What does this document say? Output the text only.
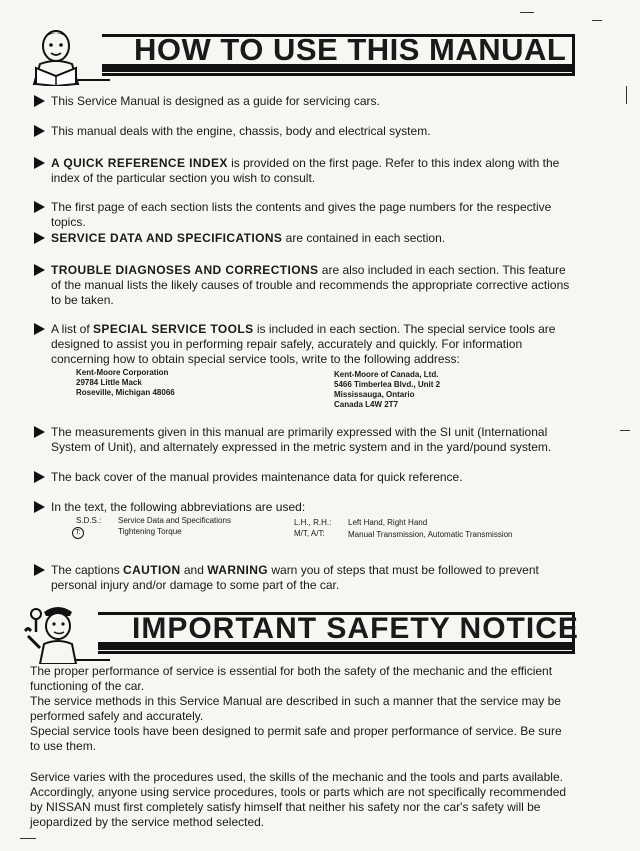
HOW TO USE THIS MANUAL
This Service Manual is designed as a guide for servicing cars.
This manual deals with the engine, chassis, body and electrical system.
A QUICK REFERENCE INDEX is provided on the first page. Refer to this index along with the index of the particular section you wish to consult.
The first page of each section lists the contents and gives the page numbers for the respective topics.
SERVICE DATA AND SPECIFICATIONS are contained in each section.
TROUBLE DIAGNOSES AND CORRECTIONS are also included in each section. This feature of the manual lists the likely causes of trouble and recommends the appropriate corrective actions to be taken.
A list of SPECIAL SERVICE TOOLS is included in each section. The special service tools are designed to assist you in performing repair safely, accurately and quickly. For information concerning how to obtain special service tools, write to the following address:
Kent-Moore Corporation
29784 Little Mack
Roseville, Michigan 48066
Kent-Moore of Canada, Ltd.
5466 Timberlea Blvd., Unit 2
Mississauga, Ontario
Canada L4W 2T7
The measurements given in this manual are primarily expressed with the SI unit (International System of Unit), and alternately expressed in the metric system and in the yard/pound system.
The back cover of the manual provides maintenance data for quick reference.
In the text, the following abbreviations are used:
S.D.S.: Service Data and Specifications
T:	Tightening Torque
L.H., R.H.: Left Hand, Right Hand
M/T, A/T:	Manual Transmission, Automatic Transmission
The captions CAUTION and WARNING warn you of steps that must be followed to prevent personal injury and/or damage to some part of the car.
IMPORTANT SAFETY NOTICE

The proper performance of service is essential for both the safety of the mechanic and the efficient functioning of the car.

The service methods in this Service Manual are described in such a manner that the service may be performed safely and accurately.

Special service tools have been designed to permit safe and proper performance of service. Be sure to use them.

Service varies with the procedures used, the skills of the mechanic and the tools and parts available. Accordingly, anyone using service procedures, tools or parts which are not specifically recommended by NISSAN must first completely satisfy himself that neither his safety nor the car's safety will be jeopardized by the service method selected.
